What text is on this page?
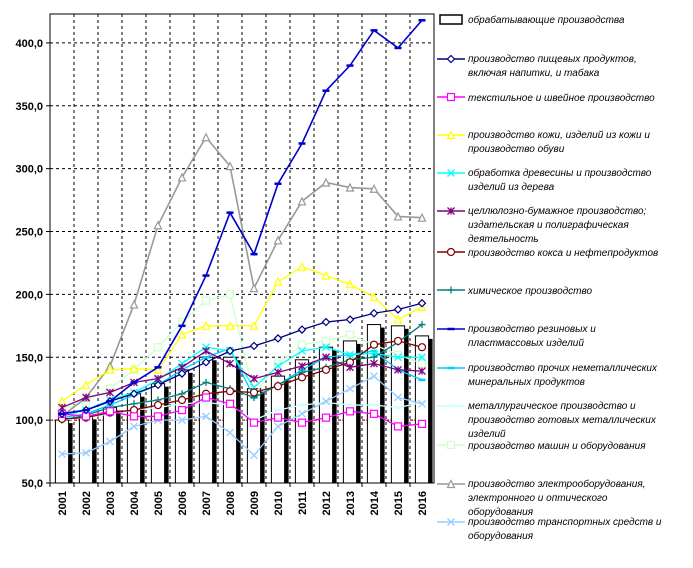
50,0
100,0
150,0
200,0
250,0
300,0
350,0
400,0
2001 2002 2003 2004 2005 2006 2007 2008 2009 2010 2011 2012 2013 2014 2015 2016
обрабатывающие производства
производство пищевых продуктов,
включая напитки, и табака
текстильное и швейное производство
производство кожи, изделий из кожи и
производство обуви
обработка древесины и производство
изделий из дерева
целлюлозно-бумажное производство;
издательская и полиграфическая
деятельность
производство кокса и нефтепродуктов
химическое производство
производство резиновых и
пластмассовых изделий
производство прочих неметаллических
минеральных продуктов
металлургическое производство и
производство готовых металлических
изделий
производство машин и оборудования
производство электрооборудования,
электронного и оптического
оборудования
производство транспортных средств и
оборудования
